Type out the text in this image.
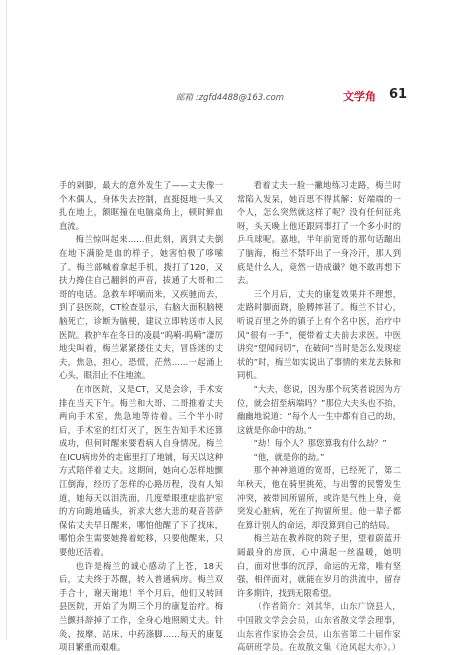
邮箱 :zgfd4488@163.com	文学角 61

手的剁脚，最大的意外发生了——丈夫像一个木偶人，身体失去控制，直挺挺地一头又扎在地上，额眶撞在电脑桌角上，顿时鲜血直流。

梅兰惊叫起来……但此刻，离到丈夫倒在地下满脸是血的样子，她害怕极了哆嗦了。梅兰部喊着拿起手机，拨打了120，又扶力搀住自己翻斜的声音，拔通了大哥和二哥的电话。急救车呼嘀而来，又疾驰而去，到了县医院，CT检查显示，右脑大面积脑梗脑死亡，诊断为脑梗，建议立即转送市人民医院。救护车在冬日的凌晨“呜嗬-呜嗬”凄厉地尖叫着，梅兰紧紧搂住丈夫，冒昏迷的丈夫，焦急，担心，恐慌，茫然……一起涌上心头，眼泪止不住地流。

在市医院，又是CT，又是会诊，手术安排在当天下午。梅兰和大哥、二哥推着丈夫两向手术室，焦急地等待着。三个半小时后，手术室的红灯灭了，医生告知手术还算成功，但何时醒来要看病人自身情况。梅兰在ICU病房外的走廊里打了地铺，每天以这种方式陪伴着丈夫。这期间，她向心怎样地颤江倒海，经历了怎样的心路历程，没有人知道，她每天以泪洗面，几度晕眼重症监护室的方向跪地磕头，祈求大慈大悲的观音菩萨保佑丈夫早日醒来，哪怕他醒了下了找床，哪怕余生需要她搀着蛇移，只要他醒来，只要他还活着。

也许是梅兰的诚心感动了上苍，18天后，丈夫终于苏醒，转入普通病房。梅兰双手合十，谢天谢地！半个月后，他们又转回县医院，开始了为期三个月的康复治疗。梅兰颤抖辞掉了工作，全身心地照顾丈夫。针灸、按摩、站床、中药涤脚……每天的康复项目繁重而艰难。

看着丈夫一脸一撇地练习走路，梅兰时常陷入发呆，她百思不得其解：好端端的一个人，怎么突然就这样了呢？没有任何征兆呀，头天晚上他还跟同事打了一个多小时的乒乓球呢。嘉地，半年前宽哥的那句话蹦出了脑海，梅兰不禁吓出了一身冷汗，那人到底是什么人，竟然一语成谶？她不敢再想下去。

三个月后，丈夫的康复效果并不理想，走路时脚面跷，脸膊摔甚了。梅兰不甘心，听说百里之外的镇子上有个名中医，治疗中风“很有一手”，便带着丈夫前去求医。中医讲究“望闻问切”，在破问“当时是怎么发现症状的”时，梅兰如实说出了事情的来龙去脉和同机。

“大夫，您说，因为那个玩笑者说因为方位，就会招至病端吗？”那位大夫头也不抬，幽幽地说道：“每个人一生中都有自己的劫，这就是你命中的劫。”

“劫！每个人？那您算我有什么劫？”

“他，就是你的劫。”

那个神神道道的宽哥，已经死了，第二年秋天，他在骑里挑苑，与出警的民警发生冲突，被带回所留所，或许是气性上身，竟突发心脏病，死在了拘留所里。他一辈子都在算计别人的命运，却没算到自己的结局。

梅兰站在教养院的院子里，望着蔚蓝开阔最身的房顶，心中满起一丝温暖，她明白，面对世事的沉浮，命运的无常，唯有坚强，相伴面对，就能在岁月的洪流中，留存许多期许，找到无限希望。

（作者简介：刘其华，山东广饶县人，中国散文学会会员，山东省散文学会理事，山东省作家协会会员，山东省第二十届作家高研班学员。在故散文集《沧风起大亦》。）
